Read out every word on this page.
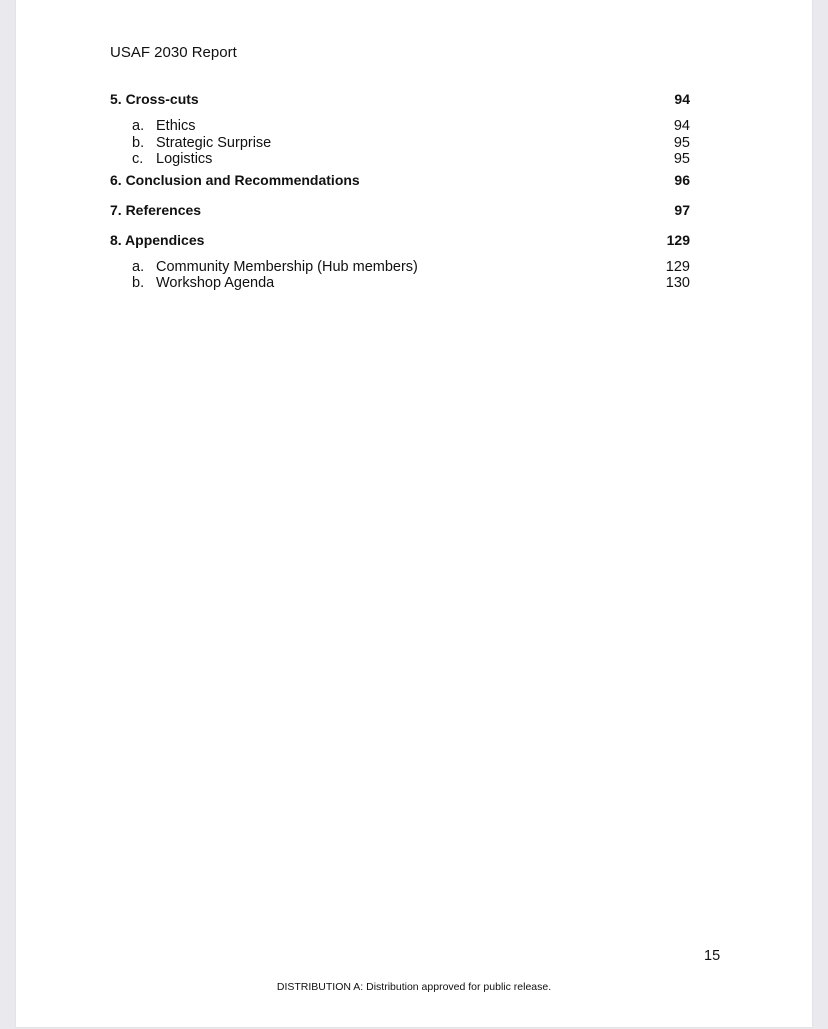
USAF 2030 Report
5. Cross-cuts	94
a. Ethics	94
b. Strategic Surprise	95
c. Logistics	95
6. Conclusion and Recommendations	96
7. References	97
8. Appendices	129
a. Community Membership (Hub members)	129
b. Workshop Agenda	130
15
DISTRIBUTION A: Distribution approved for public release.
